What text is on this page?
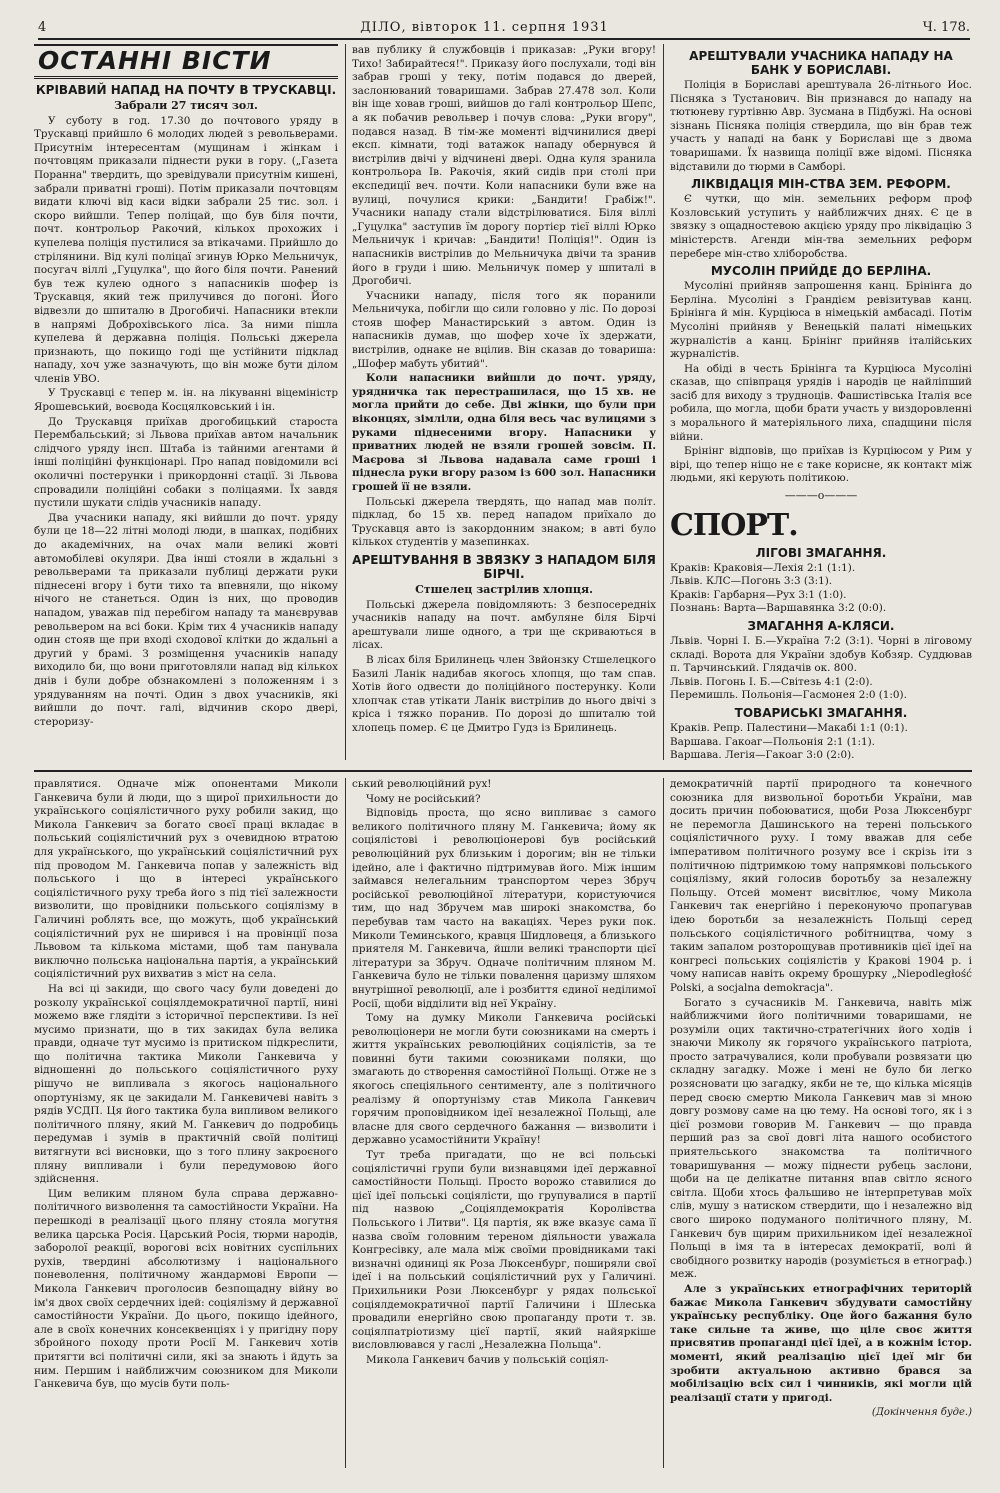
4	ДІЛО, вівторок 11. серпня 1931	Ч. 178.
ОСТАННІ ВІСТИ
КРІВАВИЙ НАПАД НА ПОЧТУ В ТРУСКАВЦІ.
Забрали 27 тисяч зол.

У суботу в год. 17.30 до почтового уряду в Трускавці прийшло 6 молодих людей з револьверами. Присутнім інтересентам (мущинам і жінкам і почтовцям приказали піднести руки в гору. („Газета Поранна" твердить, що зревідували присутнім кишені, забрали приватні гроші). Потім приказали почтовцям видати ключі від каси відки забрали 25 тис. зол. і скоро вийшли. Тепер поліцай, що був біля почти, почт. контрольор Ракочий, кількох прохожих і купелева поліція пустилися за втікачами. Прийшло до стрілянини. Від кулі поліцаї згинув Юрко Мельничук, посугач віллі „Гуцулка", що його біля почти. Ранений був теж кулею одного з напасників шофер із Трускавця, який теж прилучився до погоні. Його відвезли до шпиталю в Дрогобичі. Напасники втекли в напрямі Доброхівського ліса. За ними пішла купелева й державна поліція. Польські джерела признають, що покищо годі ще устійнити підклад нападу, хоч уже зазначують, що він може бути ділом членів УВО.

У Трускавці є тепер м. ін. на лікуванні віцеміністр Ярошевський, воєвода Косцялковський і ін.

До Трускавця приїхав дрогобицький староста Перембальський; зі Львова приїхав автом начальник слідчого уряду інсп. Штаба із тайними агентами й іншi поліційні функціонарі. Про напад повідомили всі околичні постерунки і прикордонні стації. Зі Львова спровадили поліційні собаки з поліцаями. Їх завдя пустили шукати слідів учасників нападу.

Два учасники нападу, які вийшли до почт. уряду були це 18—22 літні молоді люди, в шапках, подібних до академічних, на очах мали великі жовті автомобілеві окуляри. Два інші стояли в ждальні з револьверами та приказали публиці держати руки піднесені вгору і бути тихо та впевняли, що нікому нічого не станеться. Один із них, що проводив нападом, уважав під перебігом нападу та манєврував револьвером на всі боки. Крім тих 4 учасників нападу один стояв ще при вході сходової клітки до ждальні а другий у брамі. З розміщення учасників нападу виходило би, що вони приготовляли напад від кількох днів і були добре обзнакомлені з положенням і з урядуванням на почті. Один з двох учасників, які вийшли до почт. галі, відчинив скоро двері, стероризу-

вав публику й службовців і приказав: „Руки вгору! Тихо! Забирайтеся!". Приказу його послухали, тоді він забрав гроші у теку, потім подався до дверей, заслонюваний товаришами. Забрав 27.478 зол. Коли він іще ховав гроші, вийшов до галі контрольор Шепс, а як побачив револьвер і почув слова: „Руки вгору", подався назад. В тім-же моменті відчинилися двері експ. кімнати, тоді ватажок нападу обернувся й вистрілив двічі у відчинені двері. Одна куля зранила контрольора Ів. Ракочія, який сидів при столі при експедиції веч. почти. Коли напасники були вже на вулиці, почулися крики: „Бандити! Грабіж!". Учасники нападу стали відстрілюватися. Біля віллі „Гуцулка" заступив їм дорогу портієр тієї віллі Юрко Мельничук і кричав: „Бандити! Поліція!". Один із напасників вистрілив до Мельничука двічи та зранив його в груди і шию. Мельничук помер у шпиталі в Дрогобичі.

Учасники нападу, після того як поранили Мельничука, побігли що сили головно у ліс. По дорозі стояв шофер Манастирський з автом. Один із напасників думав, що шофер хоче їх здержати, вистрілив, однаке не вцілив. Він сказав до товариша: „Шофер мабуть убитий".

Коли напасники вийшли до почт. уряду, урядничка так перестрашилася, що 15 хв. не могла прийти до себе. Дві жінки, що були при віконцях, зімліли, одна біля весь час вулицями з руками піднесеними вгору. Напасники у приватних людей не взяли грошей зовсім. П. Маєрова зі Львова надавала саме гроші і піднесла руки вгору разом із 600 зол. Напасники грошей її не взяли.

Польські джерела твердять, що напад мав політ. підклад, бо 15 хв. перед нападом приїхало до Трускавця авто із закордонним знаком; в авті було кількох студентів у мазепинках.

АРЕШТУВАННЯ В ЗВЯЗКУ З НАПАДОМ БІЛЯ БІРЧІ.
Стшелец застрілив хлопця.

Польські джерела повідомляють: З безпосередніх учасників нападу на почт. амбуляне біля Бірчі арештували лише одного, а три ще скриваються в лісах.

В лісах біля Брилинець член Звйонзку Стшелецкого Базилі Ланік надибав якогось хлопця, що там спав. Хотів його одвести до поліційного постерунку. Коли хлопчак став утікати Ланік вистрілив до нього двічі з кріса і тяжко поранив. По дорозі до шпиталю той хлопець помер. Є це Дмитро Гудз із Брилинець.

АРЕШТУВАЛИ УЧАСНИКА НАПАДУ НА БАНК У БОРИСЛАВІ.

Поліція в Бориславі арештувала 26-літнього Иос. Пісняка з Тустанович. Він признався до нападу на тютюневу гуртівню Авр. Зусмана в Підбужі. На основі зізнань Пісняка поліція ствердила, що він брав теж участь у нападі на банк у Бориславі ще з двома товаришами. Їх назвища поліції вже відомі. Пісняка відставили до тюрми в Самборі.

ЛІКВІДАЦІЯ МІН-СТВА ЗЕМ. РЕФОРМ.

Є чутки, що мін. земельних реформ проф Козловський уступить у найближчих днях. Є це в звязку з ощадностевою акцією уряду про ліквідацію 3 міністерств. Агенди мін-тва земельних реформ перебере мін-ство хліборобства.

МУСОЛІН ПРИЙДЕ ДО БЕРЛІНА.

Мусоліні прийняв запрошення канц. Брінінга до Берліна. Мусоліні з Грандієм ревізитував канц. Брінінга й мін. Курціюса в німецькій амбасаді. Потім Мусоліні прийняв у Венецькій палаті німецьких журналістів а канц. Брінінг прийняв італійських журналістів.

На обіді в честь Брінінга та Курціюса Мусоліні сказав, що співпраця урядів і народів це найліпший засіб для виходу з трудноців. Фашистівська Італія все робила, що могла, щоби брати участь у виздоровленні з морального й матеріяльного лиха, спадщини після війни.

Брінінг відповів, що приїхав із Курціюсом у Рим у вірі, що тепер ніщо не є таке корисне, як контакт між людьми, які керують політикою.

———o———
СПОРТ.
ЛІГОВІ ЗМАГАННЯ.

Краків: Краковія—Лехія 2:1 (1:1).

Львів. КЛС—Погонь 3:3 (3:1).

Краків: Гарбарня—Рух 3:1 (1:0).

Познань: Варта—Варшавянка 3:2 (0:0).

ЗМАГАННЯ А-КЛЯСИ.

Львів. Чорні І. Б.—Україна 7:2 (3:1). Чорні в ліговому складі. Ворота для України здобув Кобзяр. Суддював п. Тарчинський. Глядачів ок. 800.

Львів. Погонь І. Б.—Світезь 4:1 (2:0).

Перемишль. Польонія—Гасмонея 2:0 (1:0).

ТОВАРИСЬКІ ЗМАГАННЯ.

Краків. Репр. Палестини—Макабі 1:1 (0:1).

Варшава. Гакоаг—Польонія 2:1 (1:1).

Варшава. Легія—Гакоаг 3:0 (2:0).

правлятися. Одначе між опонентами Миколи Ганкевича були й люди, що з щирої прихильности до українського соціялістичного руху робили закид, що Микола Ганкевич за богато своєї праці вкладає в польський соціялістичний рух з очевидною втратою для українського, що український соціялістичний рух під проводом М. Ганкевича попав у залежність від польського і що в інтересі українського соціялістичного руху треба його з під тієї залежности визволити, що провідники польського соціялізму в Галичині роблять все, що можуть, щоб український соціялістичний рух не ширився і на провінції поза Львовом та кількома містами, щоб там панувала виключно польська національна партія, а український соціялістичний рух вихватив з міст на села.

На всі ці закиди, що свого часу були доведені до розколу української соціялдемократичної партії, нині можемо вже глядіти з історичної перспективи. Із неї мусимо признати, що в тих закидах була велика правди, одначе тут мусимо із притиском підкреслити, що політична тактика Миколи Ганкевича у відношенні до польського соціялістичного руху рішучо не випливала з якогось національного опортунізму, як це закидали М. Ганкевичеві навіть з рядів УСДП. Ця його тактика була випливом великого політичного пляну, який М. Ганкевич до подробиць передумав і зумів в практичній своїй політиці витягнути всі висновки, що з того плину закроєного пляну випливали і були передумовою його здійснення.

Цим великим пляном була справа державно-політичного визволення та самостійности України. На перешкоді в реалізації цього пляну стояла могутня велика царська Росія. Царський Росія, тюрми народів, заборолої реакції, ворогові всіх новітних суспільних рухів, твердині абсолютизму і національного поневолення, політичному жандармові Европи — Микола Ганкевич проголосив безпощадну війну во ім'я двох своїх сердечних ідей: соціялізму й державної самостійности України. До цього, покищо ідейного, але в своїх конечних консеквенціях і у пригідну пору збройного походу проти Росії М. Ганкевич хотів притягти всі політичні сили, які за знають і йдуть за ним. Першим і найближчим союзником для Миколи Ганкевича був, що мусів бути поль-

ський революційний рух!

Чому не російський?

Відповідь проста, що ясно випливає з самого великого політичного пляну М. Ганкевича; йому як соціялістові і революціонерові був російський революційний рух близьким і дорогим; він не тільки ідейно, але і фактично підтримував його. Між іншим займався нелегальним транспортом через Збруч російської революційної літератури, користуючися тим, що над Збручем мав широкі знакомства, бо перебував там часто на вакаціях. Через руки пок. Миколи Теминського, кравця Шидловеця, а близького приятеля М. Ганкевича, йшли великі транспорти цієї літератури за Збруч. Одначе політичним пляном М. Ганкевича було не тільки повалення царизму шляхом внутрішної революції, але і розбиття єдиної неділимої Росії, щоби відділити від неї Україну.

Тому на думку Миколи Ганкевича російські революціонери не могли бути союзниками на смерть і життя українських революційних соціялістів, за те повинні бути такими союзниками поляки, що змагають до створення самостійної Польщі. Отже не з якогось спеціяльного сентименту, але з політичного реалізму й опортунізму став Микола Ганкевич горячим проповідником ідеї незалежної Польщі, але власне для свого сердечного бажання — визволити і державно усамостійнити Україну!

Тут треба пригадати, що не всі польські соціялістичні групи були визнавцями ідеї державної самостійности Польщі. Просто ворожо ставилися до цієї ідеї польські соціялісти, що групувалися в партії під назвою „Соціялдемократія Королівства Польського і Литви". Ця партія, як вже вказує сама її назва своїм головним тереном діяльности уважала Конгресівку, але мала між своїми провідниками такі визначні одиниці як Роза Люксенбург, поширяли свої ідеї і на польський соціялістичний рух у Галичині. Прихильники Рози Люксенбург у рядах польської соціялдемократичної партії Галичини і Шлеська провадили енергійно свою пропаганду проти т. зв. соціялпатріотизму цієї партії, який найяркіше висловлювався у гаслі „Незалежна Польща".

Микола Ганкевич бачив у польській соціял-

демократичній партії природного та конечного союзника для визвольної боротьби України, мав досить причин побоюватися, щоби Роза Люксенбург не перемогла Дашинського на терені польського соціялістичного руху. І тому вважав для себе імперативом політичного розуму все і скрізь іти з політичною підтримкою тому напрямкові польського соціялізму, який голосив боротьбу за незалежну Польщу. Отсей момент висвітлює, чому Микола Ганкевич так енергійно і переконуючо пропагував ідею боротьби за незалежність Польщі серед польського соціялістичного робітництва, чому з таким запалом розторощував противників цієї ідеї на конгресі польських соціялістів у Кракові 1904 р. і чому написав навіть окрему брошурку „Niepodległość Polski, a socjalna demokracja".

Богато з сучасників М. Ганкевича, навіть між найближчими його політичними товаришами, не розуміли оцих тактично-стратегічних його ходів і знаючи Миколу як горячого українського патріота, просто затрачувалися, коли пробували розвязати цю складну загадку. Може і мені не було би легко розясновати цю загадку, якби не те, що кілька місяців перед своєю смертю Микола Ганкевич мав зі мною довгу розмову саме на цю тему. На основі того, як і з цієї розмови говорив М. Ганкевич — що правда перший раз за свої довгі літа нашого особистого приятельського знакомства та політичного товаришування — можу піднести рубець заслони, щоби на це делікатне питання впав світло ясного світла. Щоби хтось фальшиво не інтерпретував моїх слів, мушу з натиском ствердити, що і незалежно від свого широко подуманого політичного пляну, М. Ганкевич був щирим прихильником ідеї незалежної Польщі в імя та в інтересах демократії, волі й свобідного розвитку народів (розуміється в етнограф.) меж.

Але з українських етнографічних територій бажає Микола Ганкевич збудувати самостійну українську республіку. Оце його бажання було таке сильне та живе, що ціле своє життя присвятив пропаганді цієї ідеї, а в кожнім істор. моменті, який реалізацію цієї ідеї міг би зробити актуальною активно брався за мобілізацію всіх сил і чинників, які могли цій реалізації стати у пригоді.

(Докінчення буде.)
